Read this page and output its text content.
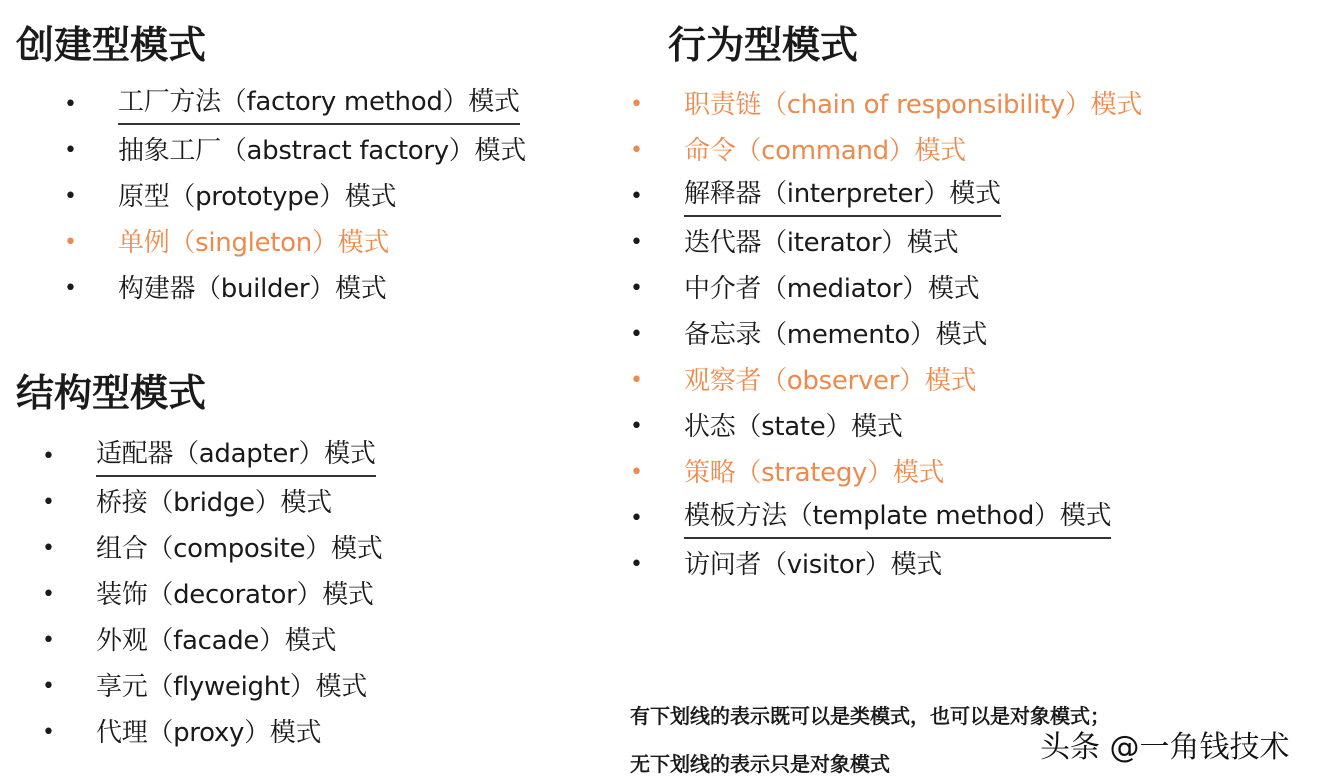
创建型模式
• 工厂方法（factory method）模式
• 抽象工厂（abstract factory）模式
• 原型（prototype）模式
• 单例（singleton）模式
• 构建器（builder）模式
结构型模式
• 适配器（adapter）模式
• 桥接（bridge）模式
• 组合（composite）模式
• 装饰（decorator）模式
• 外观（facade）模式
• 享元（flyweight）模式
• 代理（proxy）模式
行为型模式
• 职责链（chain of responsibility）模式
• 命令（command）模式
• 解释器（interpreter）模式
• 迭代器（iterator）模式
• 中介者（mediator）模式
• 备忘录（memento）模式
• 观察者（observer）模式
• 状态（state）模式
• 策略（strategy）模式
• 模板方法（template method）模式
• 访问者（visitor）模式
有下划线的表示既可以是类模式，也可以是对象模式；
无下划线的表示只是对象模式	头条 @一角钱技术
